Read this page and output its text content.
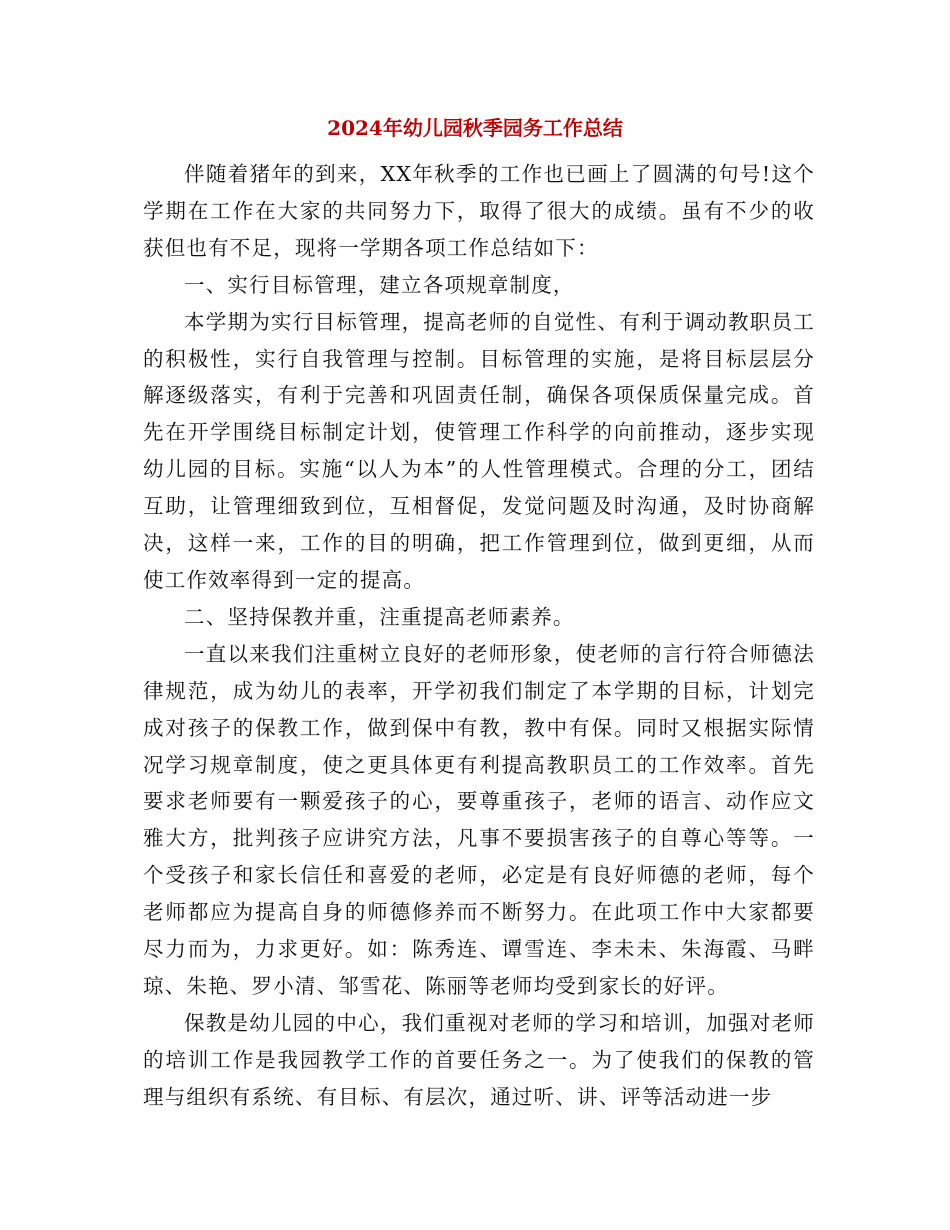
2024年幼儿园秋季园务工作总结

伴随着猪年的到来，XX年秋季的工作也已画上了圆满的句号!这个学期在工作在大家的共同努力下，取得了很大的成绩。虽有不少的收获但也有不足，现将一学期各项工作总结如下：

一、实行目标管理，建立各项规章制度，

本学期为实行目标管理，提高老师的自觉性、有利于调动教职员工的积极性，实行自我管理与控制。目标管理的实施，是将目标层层分解逐级落实，有利于完善和巩固责任制，确保各项保质保量完成。首先在开学围绕目标制定计划，使管理工作科学的向前推动，逐步实现幼儿园的目标。实施“以人为本”的人性管理模式。合理的分工，团结互助，让管理细致到位，互相督促，发觉问题及时沟通，及时协商解决，这样一来，工作的目的明确，把工作管理到位，做到更细，从而使工作效率得到一定的提高。

二、坚持保教并重，注重提高老师素养。

一直以来我们注重树立良好的老师形象，使老师的言行符合师德法律规范，成为幼儿的表率，开学初我们制定了本学期的目标，计划完成对孩子的保教工作，做到保中有教，教中有保。同时又根据实际情况学习规章制度，使之更具体更有利提高教职员工的工作效率。首先要求老师要有一颗爱孩子的心，要尊重孩子，老师的语言、动作应文雅大方，批判孩子应讲究方法，凡事不要损害孩子的自尊心等等。一个受孩子和家长信任和喜爱的老师，必定是有良好师德的老师，每个老师都应为提高自身的师德修养而不断努力。在此项工作中大家都要尽力而为，力求更好。如：陈秀连、谭雪连、李未未、朱海霞、马畔琼、朱艳、罗小清、邹雪花、陈丽等老师均受到家长的好评。

保教是幼儿园的中心，我们重视对老师的学习和培训，加强对老师的培训工作是我园教学工作的首要任务之一。为了使我们的保教的管理与组织有系统、有目标、有层次，通过听、讲、评等活动进一步
